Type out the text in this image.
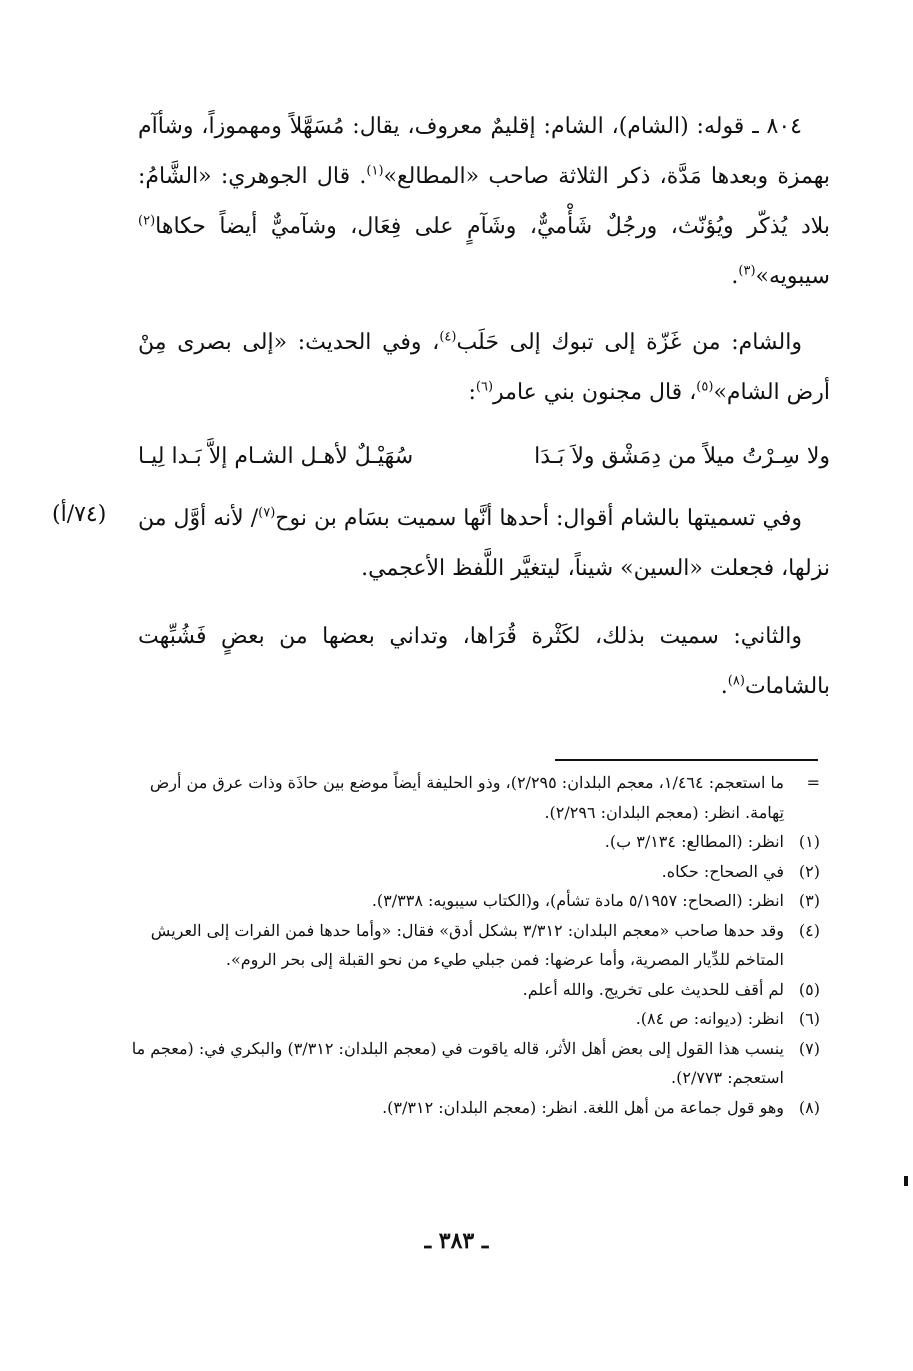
٨٠٤ ـ قوله: (الشام)، الشام: إقليمٌ معروف، يقال: مُسَهَّلاً ومهموزاً، وشأآم بهمزة وبعدها مَدَّة، ذكر الثلاثة صاحب «المطالع»$^{(١)}$. قال الجوهري: «الشَّامُ: بلاد يُذكّر ويُؤنّث، ورجُلٌ شَأْميٌّ، وشَآمٍ على فِعَال، وشآميٌّ أيضاً حكاها$^{(٢)}$ سيبويه»$^{(٣)}$.

والشام: من غَزّة إلى تبوك إلى حَلَب$^{(٤)}$، وفي الحديث: «إلى بصرى مِنْ أرض الشام»$^{(٥)}$، قال مجنون بني عامر$^{(٦)}$:

ولا سِـرْتُ ميلاً من دِمَشْق ولاَ بَـدَا
سُهَيْـلٌ لأهـل الشـام إلاَّ بَـدا لِيـا

وفي تسميتها بالشام أقوال: أحدها أنَّها سميت بسَام بن نوح$^{(٧)}$/ لأنه أوَّل من نزلها، فجعلت «السين» شيناً، ليتغيَّر اللَّفظ الأعجمي.

(٧٤/أ)

والثاني: سميت بذلك، لكَثْرة قُرَاها، وتداني بعضها من بعضٍ فَشُبِّهت بالشامات$^{(٨)}$.

=
ما استعجم: ١/٤٦٤، معجم البلدان: ٢/٢٩٥)، وذو الحليفة أيضاً موضع بين حاذَة وذات عرق من أرض تِهامة. انظر: (معجم البلدان: ٢/٢٩٦).

(١)
انظر: (المطالع: ٣/١٣٤ ب).

(٢)
في الصحاح: حكاه.

(٣)
انظر: (الصحاح: ٥/١٩٥٧ مادة تشأم)، و(الكتاب سيبويه: ٣/٣٣٨).

(٤)
وقد حدها صاحب «معجم البلدان: ٣/٣١٢ بشكل أدق» فقال: «وأما حدها فمن الفرات إلى العريش المتاخم للدِّيار المصرية، وأما عرضها: فمن جبلي طيء من نحو القبلة إلى بحر الروم».

(٥)
لم أقف للحديث على تخريج. والله أعلم.

(٦)
انظر: (ديوانه: ص ٨٤).

(٧)
ينسب هذا القول إلى بعض أهل الأثر، قاله ياقوت في (معجم البلدان: ٣/٣١٢) والبكري في: (معجم ما استعجم: ٢/٧٧٣).

(٨)
وهو قول جماعة من أهل اللغة. انظر: (معجم البلدان: ٣/٣١٢).

ـ ٣٨٣ ـ
